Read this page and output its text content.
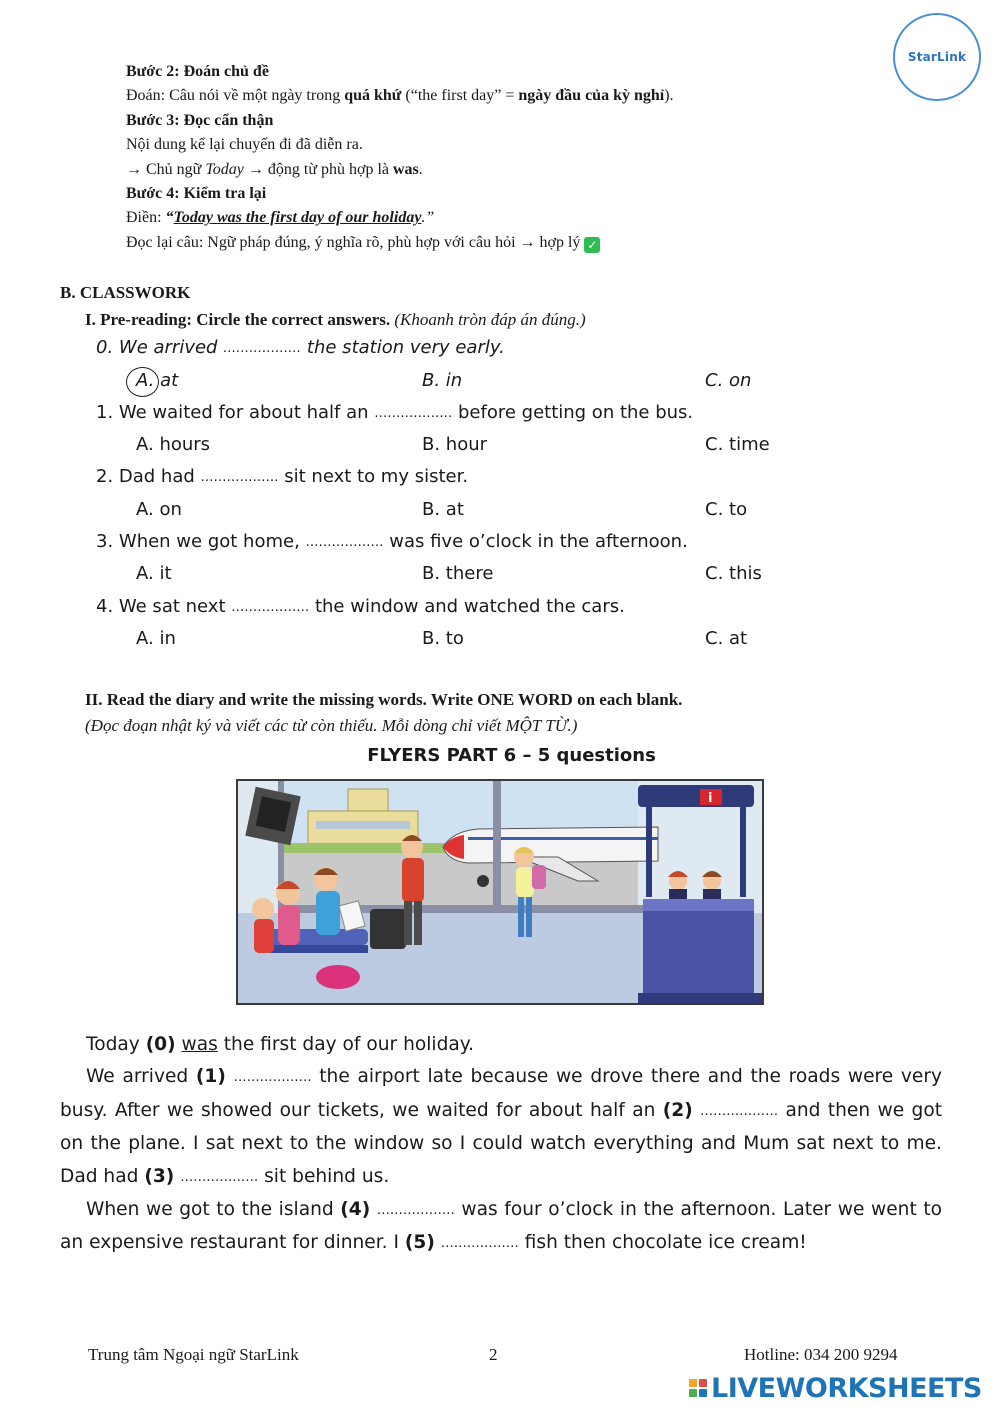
StarLink

Bước 2: Đoán chủ đề

Đoán: Câu nói về một ngày trong quá khứ (“the first day” = ngày đầu của kỳ nghỉ).

Bước 3: Đọc cẩn thận

Nội dung kể lại chuyến đi đã diễn ra.

→ Chủ ngữ Today → động từ phù hợp là was.

Bước 4: Kiểm tra lại

Điền: “Today was the first day of our holiday.”

Đọc lại câu: Ngữ pháp đúng, ý nghĩa rõ, phù hợp với câu hỏi → hợp lý ✓

B. CLASSWORK
I. Pre-reading: Circle the correct answers. (Khoanh tròn đáp án đúng.)
0. We arrived ……………… the station very early.
A. at	B. in	C. on
1. We waited for about half an ……………… before getting on the bus.
A. hours	B. hour	C. time
2. Dad had ……………… sit next to my sister.
A. on	B. at	C. to
3. When we got home, ……………… was five o’clock in the afternoon.
A. it	B. there	C. this
4. We sat next ……………… the window and watched the cars.
A. in	B. to	C. at
II. Read the diary and write the missing words. Write ONE WORD on each blank.
(Đọc đoạn nhật ký và viết các từ còn thiếu. Mỗi dòng chỉ viết MỘT TỪ.)
FLYERS PART 6 – 5 questions
i

Today (0) was the first day of our holiday.

We arrived (1) ……………… the airport late because we drove there and the roads were very busy. After we showed our tickets, we waited for about half an (2) ……………… and then we got on the plane. I sat next to the window so I could watch everything and Mum sat next to me. Dad had (3) ……………… sit behind us.

When we got to the island (4) ……………… was four o’clock in the afternoon. Later we went to an expensive restaurant for dinner. I (5) ……………… fish then chocolate ice cream!

Trung tâm Ngoại ngữ StarLink	2	Hotline: 034 200 9294
LIVEWORKSHEETS
